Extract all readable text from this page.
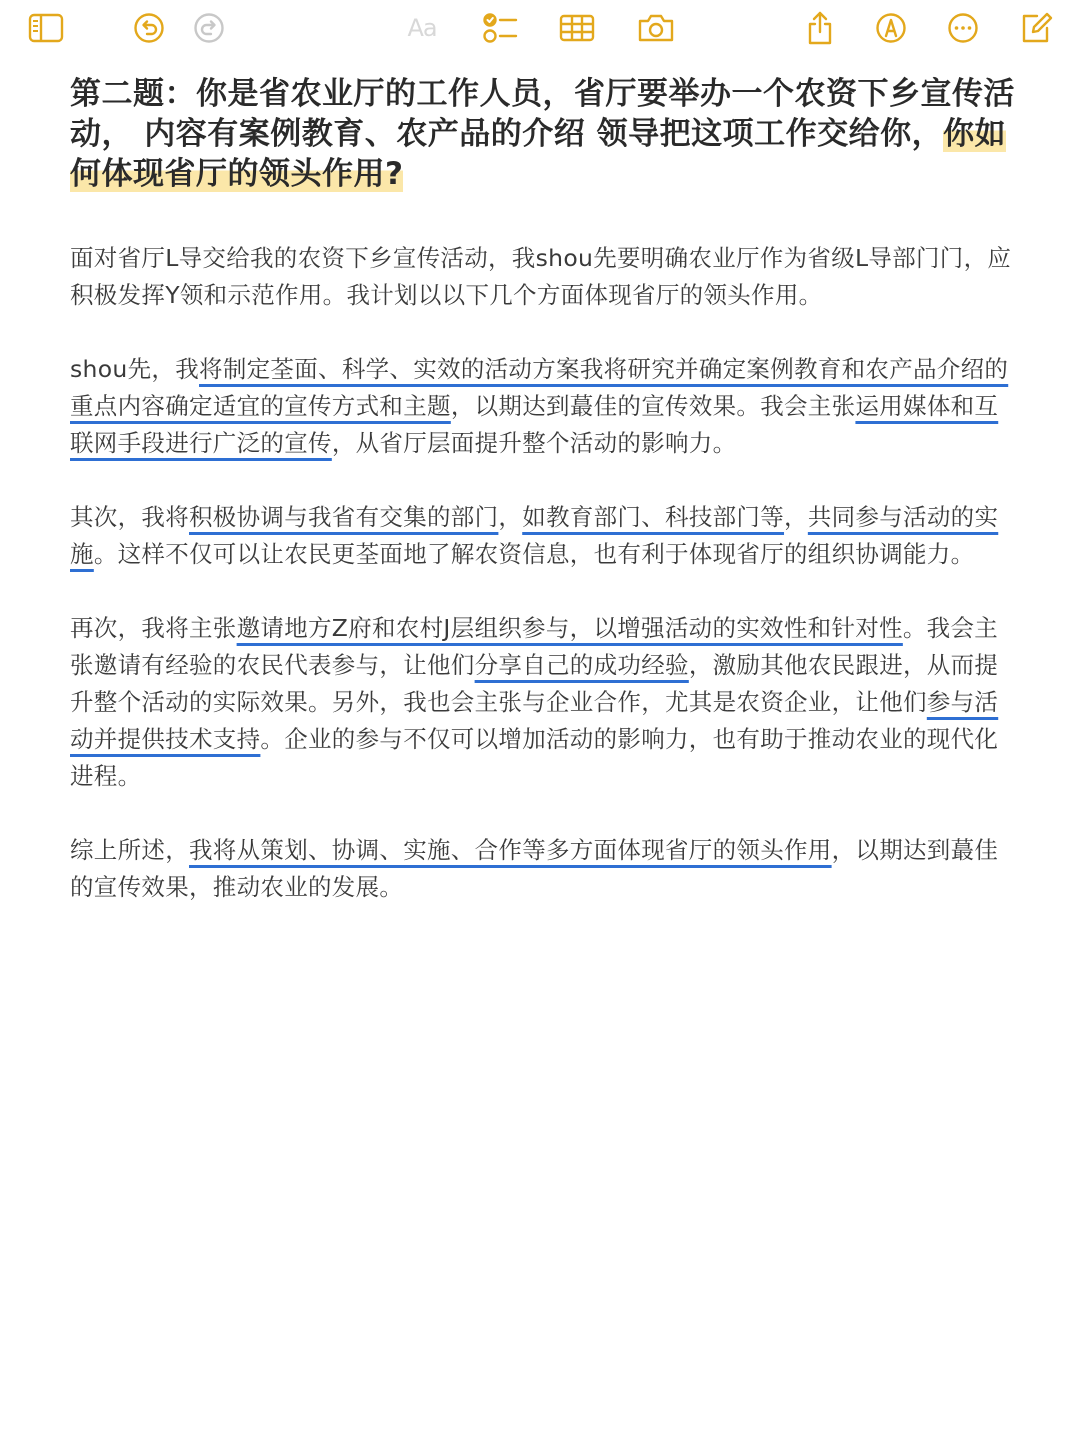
Aa
第二题：你是省农业厅的工作人员，省厅要举办一个农资下乡宣传活动， 内容有案例教育、农产品的介绍 领导把这项工作交给你，你如何体现省厅的领头作用?

面对省厅L导交给我的农资下乡宣传活动，我shou先要明确农业厅作为省级L导部门门，应积极发挥Y领和示范作用。我计划以以下几个方面体现省厅的领头作用。

shou先，我将制定荃面、科学、实效的活动方案我将研究并确定案例教育和农产品介绍的重点内容确定适宜的宣传方式和主题，以期达到蕞佳的宣传效果。我会主张运用媒体和互联网手段进行广泛的宣传，从省厅层面提升整个活动的影响力。

其次，我将积极协调与我省有交集的部门，如教育部门、科技部门等，共同参与活动的实施。这样不仅可以让农民更荃面地了解农资信息，也有利于体现省厅的组织协调能力。

再次，我将主张邀请地方Z府和农村J层组织参与，以增强活动的实效性和针对性。我会主张邀请有经验的农民代表参与，让他们分享自己的成功经验，激励其他农民跟进，从而提升整个活动的实际效果。另外，我也会主张与企业合作，尤其是农资企业，让他们参与活动并提供技术支持。企业的参与不仅可以增加活动的影响力，也有助于推动农业的现代化进程。

综上所述，我将从策划、协调、实施、合作等多方面体现省厅的领头作用，以期达到蕞佳的宣传效果，推动农业的发展。
